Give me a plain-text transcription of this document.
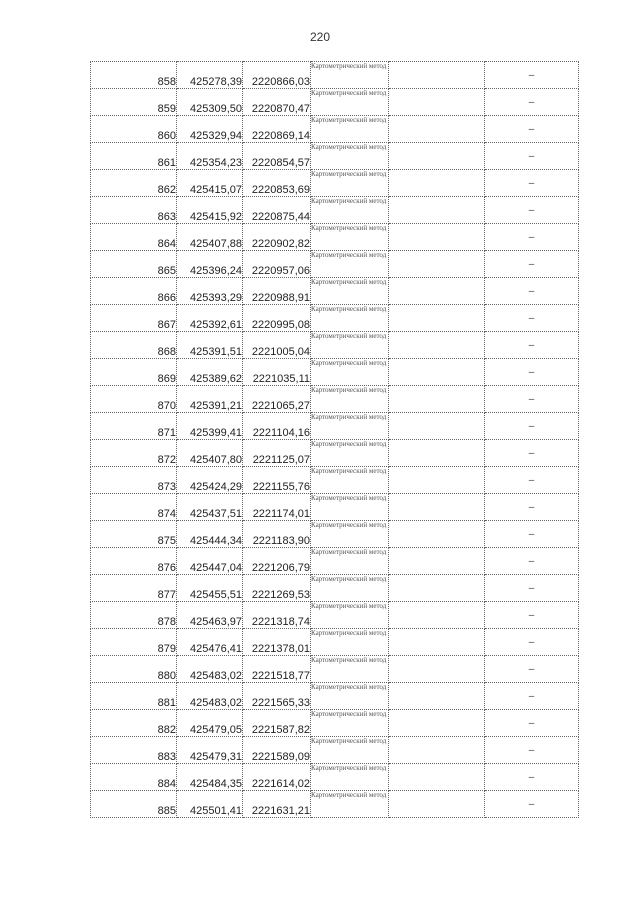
220
858	425278,39	2220866,03	Картометрический метод		–
859	425309,50	2220870,47	Картометрический метод		–
860	425329,94	2220869,14	Картометрический метод		–
861	425354,23	2220854,57	Картометрический метод		–
862	425415,07	2220853,69	Картометрический метод		–
863	425415,92	2220875,44	Картометрический метод		–
864	425407,88	2220902,82	Картометрический метод		–
865	425396,24	2220957,06	Картометрический метод		–
866	425393,29	2220988,91	Картометрический метод		–
867	425392,61	2220995,08	Картометрический метод		–
868	425391,51	2221005,04	Картометрический метод		–
869	425389,62	2221035,11	Картометрический метод		–
870	425391,21	2221065,27	Картометрический метод		–
871	425399,41	2221104,16	Картометрический метод		–
872	425407,80	2221125,07	Картометрический метод		–
873	425424,29	2221155,76	Картометрический метод		–
874	425437,51	2221174,01	Картометрический метод		–
875	425444,34	2221183,90	Картометрический метод		–
876	425447,04	2221206,79	Картометрический метод		–
877	425455,51	2221269,53	Картометрический метод		–
878	425463,97	2221318,74	Картометрический метод		–
879	425476,41	2221378,01	Картометрический метод		–
880	425483,02	2221518,77	Картометрический метод		–
881	425483,02	2221565,33	Картометрический метод		–
882	425479,05	2221587,82	Картометрический метод		–
883	425479,31	2221589,09	Картометрический метод		–
884	425484,35	2221614,02	Картометрический метод		–
885	425501,41	2221631,21	Картометрический метод		–
